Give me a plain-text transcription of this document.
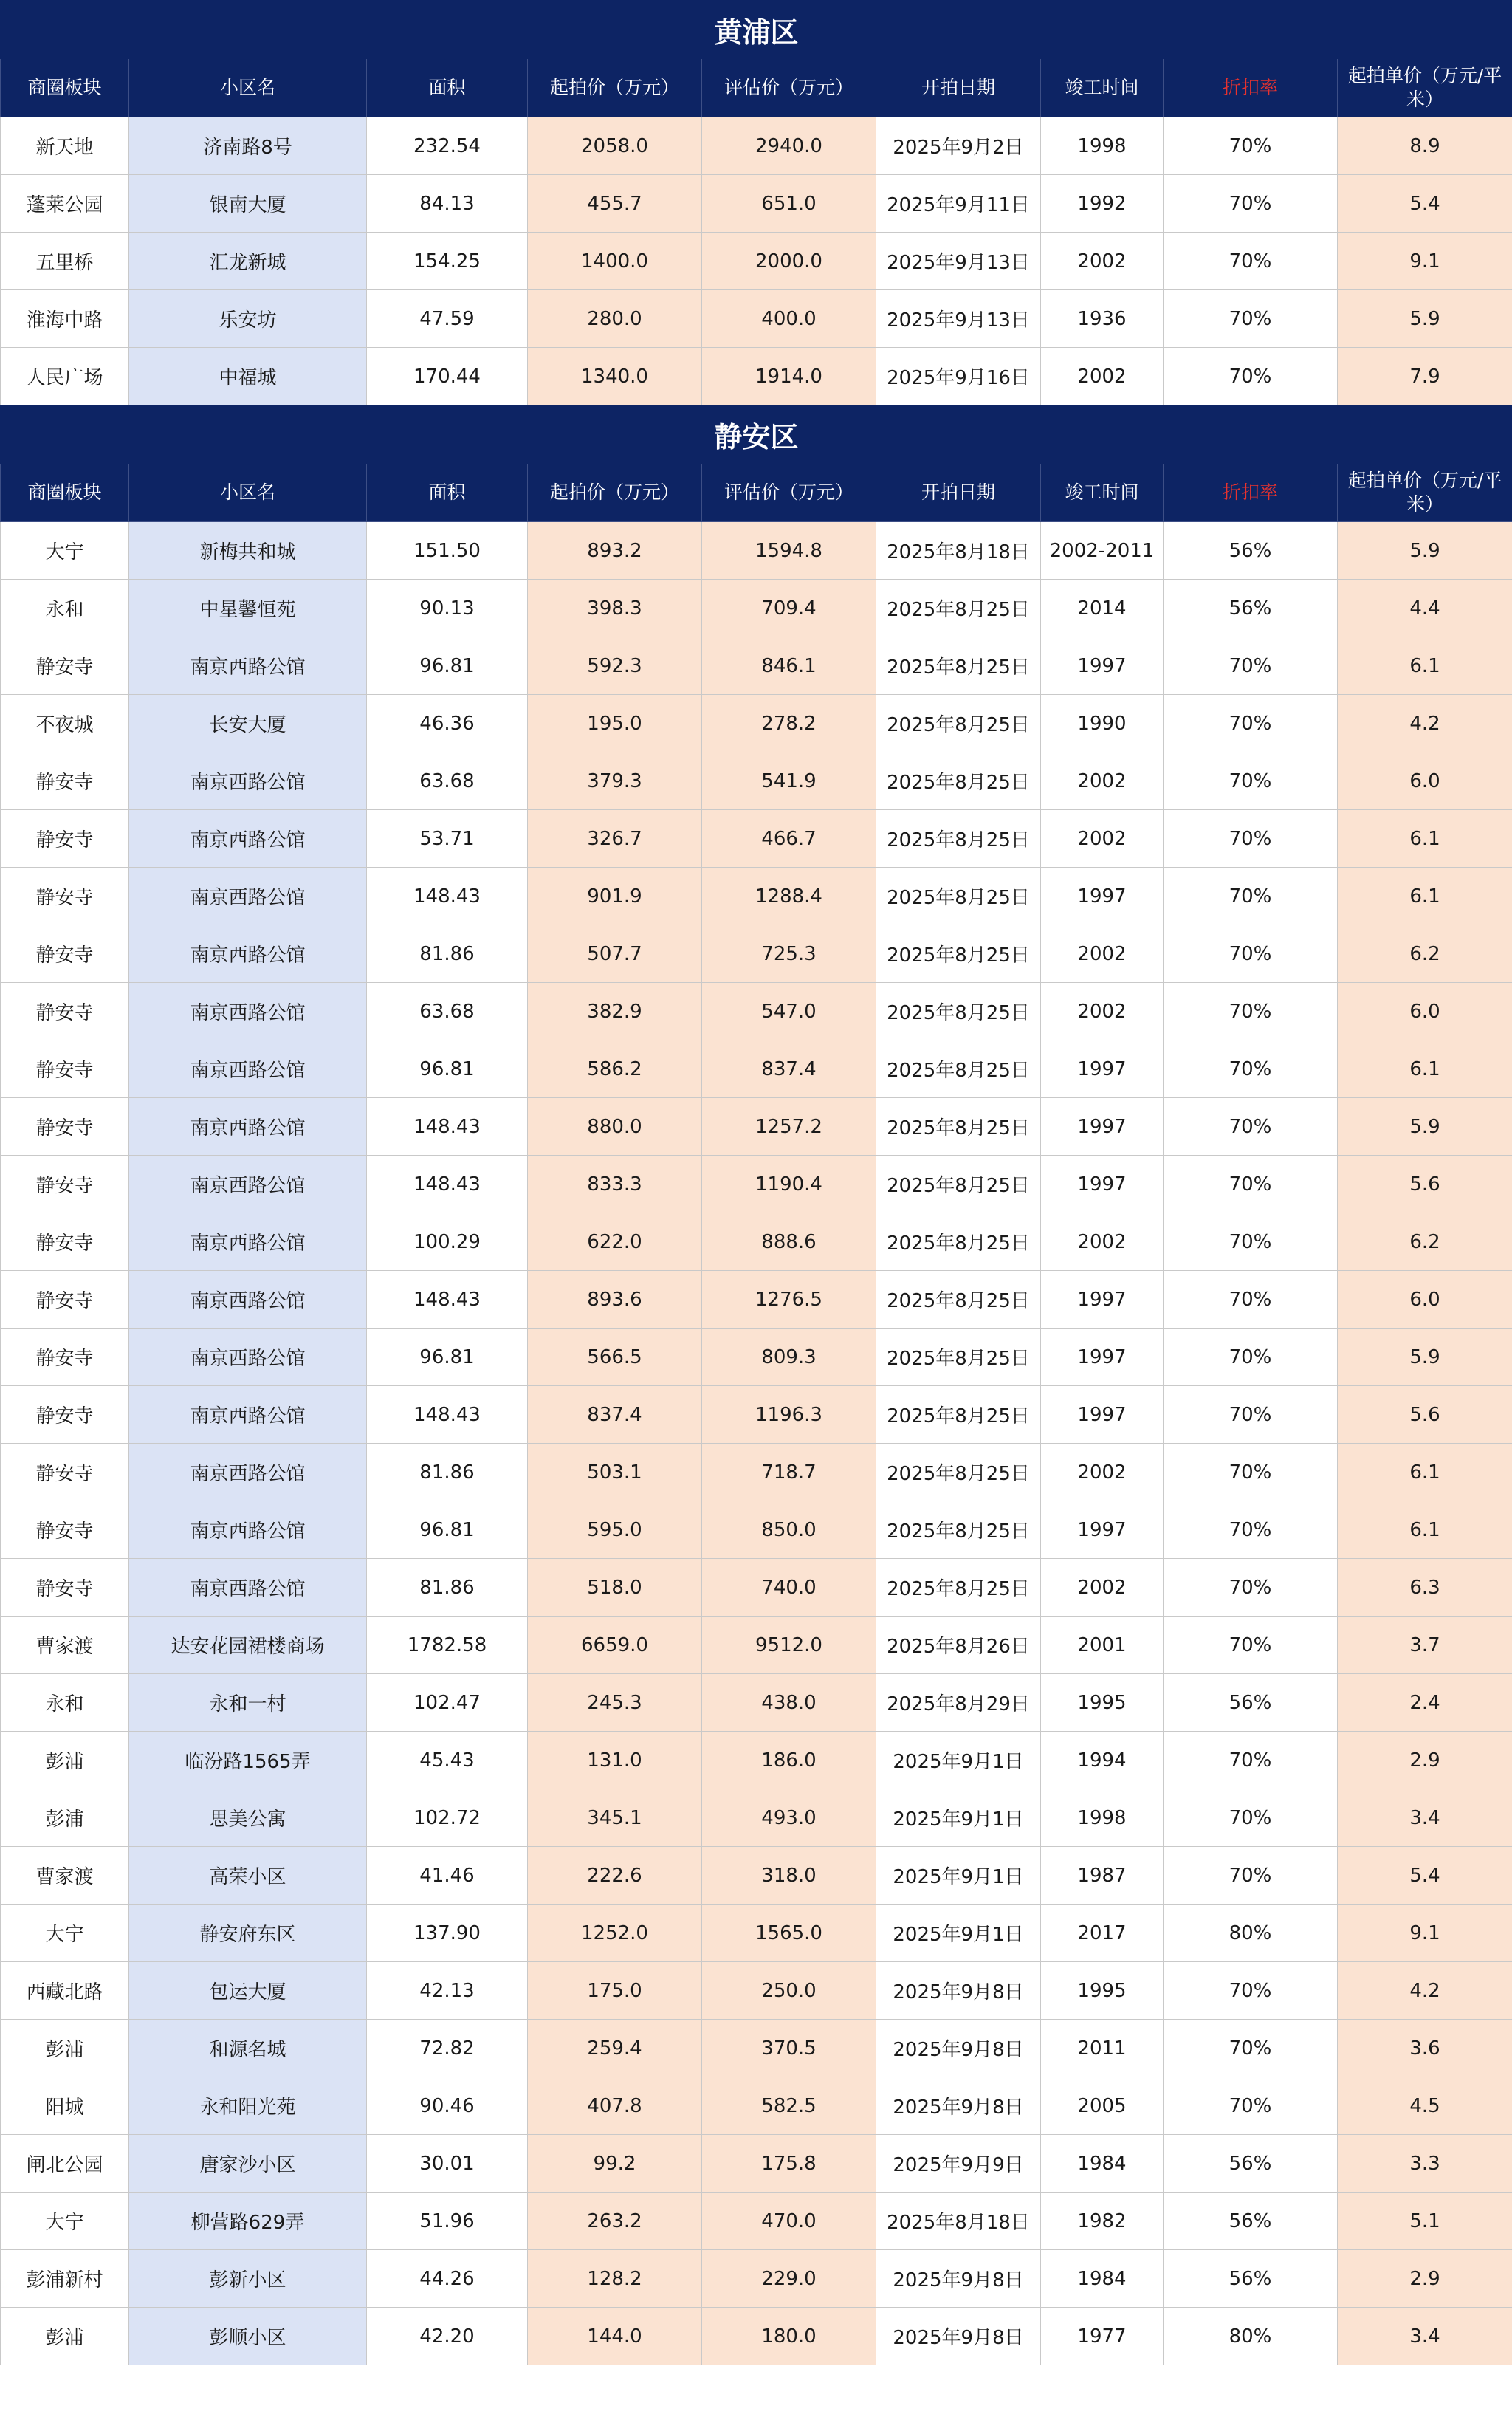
黄浦区								
商圈板块	小区名	面积	起拍价（万元）	评估价（万元）	开拍日期	竣工时间	折扣率	起拍单价（万元/平米）
新天地	济南路8号	232.54	2058.0	2940.0	2025年9月2日	1998	70%	8.9
蓬莱公园	银南大厦	84.13	455.7	651.0	2025年9月11日	1992	70%	5.4
五里桥	汇龙新城	154.25	1400.0	2000.0	2025年9月13日	2002	70%	9.1
淮海中路	乐安坊	47.59	280.0	400.0	2025年9月13日	1936	70%	5.9
人民广场	中福城	170.44	1340.0	1914.0	2025年9月16日	2002	70%	7.9
静安区								
商圈板块	小区名	面积	起拍价（万元）	评估价（万元）	开拍日期	竣工时间	折扣率	起拍单价（万元/平米）
大宁	新梅共和城	151.50	893.2	1594.8	2025年8月18日	2002-2011	56%	5.9
永和	中星馨恒苑	90.13	398.3	709.4	2025年8月25日	2014	56%	4.4
静安寺	南京西路公馆	96.81	592.3	846.1	2025年8月25日	1997	70%	6.1
不夜城	长安大厦	46.36	195.0	278.2	2025年8月25日	1990	70%	4.2
静安寺	南京西路公馆	63.68	379.3	541.9	2025年8月25日	2002	70%	6.0
静安寺	南京西路公馆	53.71	326.7	466.7	2025年8月25日	2002	70%	6.1
静安寺	南京西路公馆	148.43	901.9	1288.4	2025年8月25日	1997	70%	6.1
静安寺	南京西路公馆	81.86	507.7	725.3	2025年8月25日	2002	70%	6.2
静安寺	南京西路公馆	63.68	382.9	547.0	2025年8月25日	2002	70%	6.0
静安寺	南京西路公馆	96.81	586.2	837.4	2025年8月25日	1997	70%	6.1
静安寺	南京西路公馆	148.43	880.0	1257.2	2025年8月25日	1997	70%	5.9
静安寺	南京西路公馆	148.43	833.3	1190.4	2025年8月25日	1997	70%	5.6
静安寺	南京西路公馆	100.29	622.0	888.6	2025年8月25日	2002	70%	6.2
静安寺	南京西路公馆	148.43	893.6	1276.5	2025年8月25日	1997	70%	6.0
静安寺	南京西路公馆	96.81	566.5	809.3	2025年8月25日	1997	70%	5.9
静安寺	南京西路公馆	148.43	837.4	1196.3	2025年8月25日	1997	70%	5.6
静安寺	南京西路公馆	81.86	503.1	718.7	2025年8月25日	2002	70%	6.1
静安寺	南京西路公馆	96.81	595.0	850.0	2025年8月25日	1997	70%	6.1
静安寺	南京西路公馆	81.86	518.0	740.0	2025年8月25日	2002	70%	6.3
曹家渡	达安花园裙楼商场	1782.58	6659.0	9512.0	2025年8月26日	2001	70%	3.7
永和	永和一村	102.47	245.3	438.0	2025年8月29日	1995	56%	2.4
彭浦	临汾路1565弄	45.43	131.0	186.0	2025年9月1日	1994	70%	2.9
彭浦	思美公寓	102.72	345.1	493.0	2025年9月1日	1998	70%	3.4
曹家渡	高荣小区	41.46	222.6	318.0	2025年9月1日	1987	70%	5.4
大宁	静安府东区	137.90	1252.0	1565.0	2025年9月1日	2017	80%	9.1
西藏北路	包运大厦	42.13	175.0	250.0	2025年9月8日	1995	70%	4.2
彭浦	和源名城	72.82	259.4	370.5	2025年9月8日	2011	70%	3.6
阳城	永和阳光苑	90.46	407.8	582.5	2025年9月8日	2005	70%	4.5
闸北公园	唐家沙小区	30.01	99.2	175.8	2025年9月9日	1984	56%	3.3
大宁	柳营路629弄	51.96	263.2	470.0	2025年8月18日	1982	56%	5.1
彭浦新村	彭新小区	44.26	128.2	229.0	2025年9月8日	1984	56%	2.9
彭浦	彭顺小区	42.20	144.0	180.0	2025年9月8日	1977	80%	3.4
